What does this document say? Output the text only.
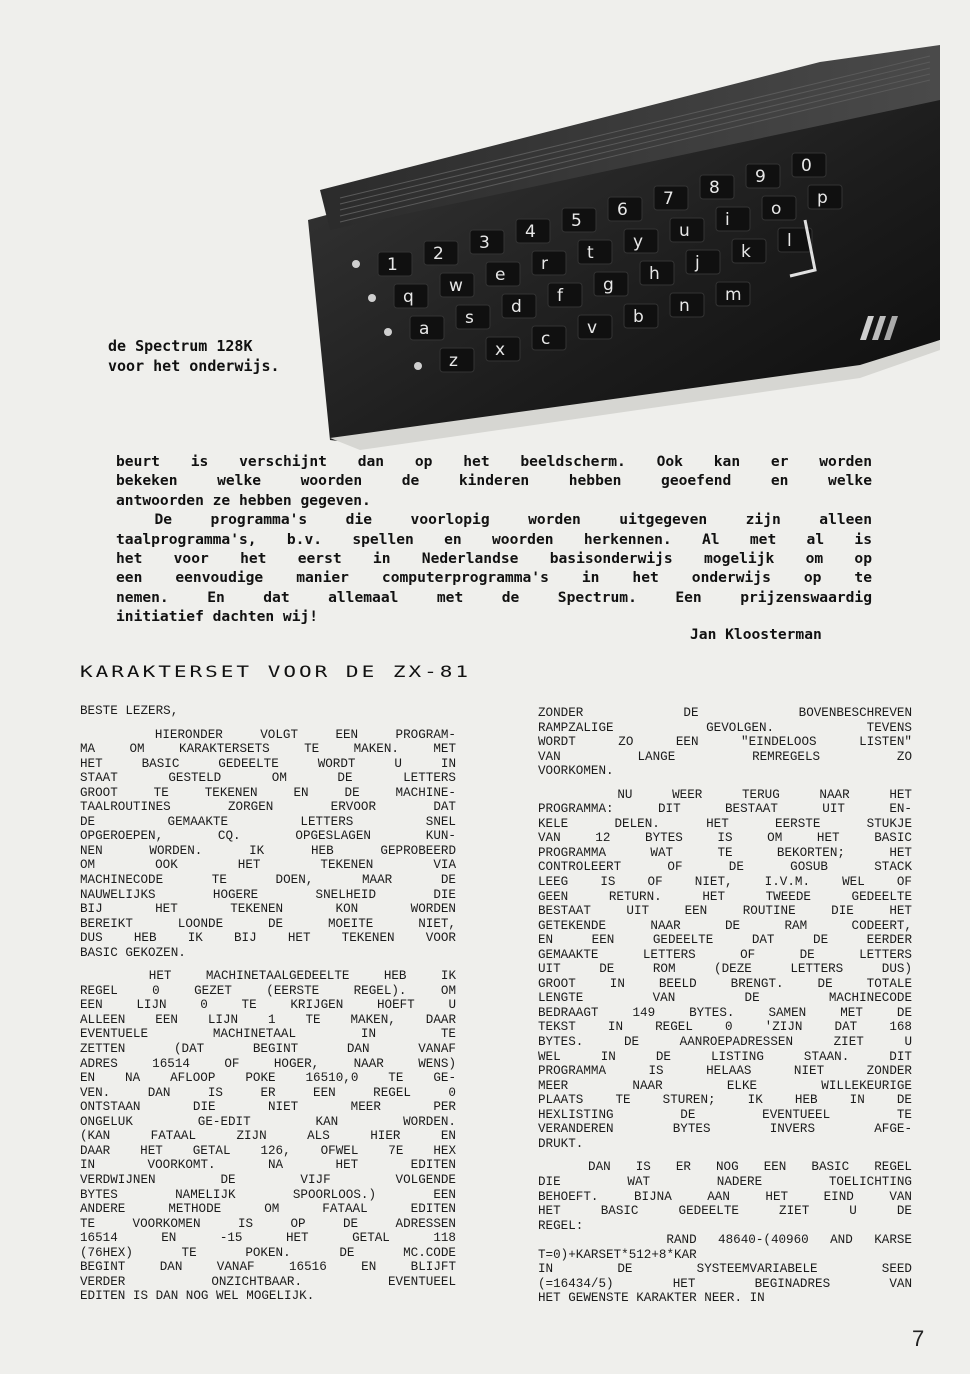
1
2
3
4
5
6
7
8
9
0
q
w
e
r
t
y
u
i
o
p
a
s
d
f
g
h
j
k
l
z
x
c
v
b
n
m
de Spectrum 128K
voor het onderwijs.
beurt is verschijnt dan op het beeldscherm. Ook kan er worden
bekeken welke woorden de kinderen hebben geoefend en welke
antwoorden ze hebben gegeven.
De programma's die voorlopig worden uitgegeven zijn alleen
taalprogramma's, b.v. spellen en woorden herkennen. Al met al is
het voor het eerst in Nederlandse basisonderwijs mogelijk om op
een eenvoudige manier computerprogramma's in het onderwijs op te
nemen. En dat allemaal met de Spectrum. Een prijzenswaardig
initiatief dachten wij!
Jan Kloosterman
KARAKTERSET VOOR DE ZX-81
BESTE LEZERS,
HIERONDER VOLGT EEN PROGRAM-
MA OM KARAKTERSETS TE MAKEN. MET
HET BASIC GEDEELTE WORDT U IN
STAAT GESTELD OM DE LETTERS
GROOT TE TEKENEN EN DE MACHINE-
TAALROUTINES ZORGEN ERVOOR DAT
DE GEMAAKTE LETTERS SNEL
OPGEROEPEN, CQ. OPGESLAGEN KUN-
NEN WORDEN. IK HEB GEPROBEERD
OM OOK HET TEKENEN VIA
MACHINECODE TE DOEN, MAAR DE
NAUWELIJKS HOGERE SNELHEID DIE
BIJ HET TEKENEN KON WORDEN
BEREIKT LOONDE DE MOEITE NIET,
DUS HEB IK BIJ HET TEKENEN VOOR
BASIC GEKOZEN.
HET MACHINETAALGEDEELTE HEB IK
REGEL 0 GEZET (EERSTE REGEL). OM
EEN LIJN 0 TE KRIJGEN HOEFT U
ALLEEN EEN LIJN 1 TE MAKEN, DAAR
EVENTUELE MACHINETAAL IN TE
ZETTEN (DAT BEGINT DAN VANAF
ADRES 16514 OF HOGER, NAAR WENS)
EN NA AFLOOP POKE 16510,0 TE GE-
VEN. DAN IS ER EEN REGEL 0
ONTSTAAN DIE NIET MEER PER
ONGELUK GE-EDIT KAN WORDEN.
(KAN FATAAL ZIJN ALS HIER EN
DAAR HET GETAL 126, OFWEL 7E HEX
IN VOORKOMT. NA HET EDITEN
VERDWIJNEN DE VIJF VOLGENDE
BYTES NAMELIJK SPOORLOOS.) EEN
ANDERE METHODE OM FATAAL EDITEN
TE VOORKOMEN IS OP DE ADRESSEN
16514 EN -15 HET GETAL 118
(76HEX) TE POKEN. DE MC.CODE
BEGINT DAN VANAF 16516 EN BLIJFT
VERDER ONZICHTBAAR. EVENTUEEL
EDITEN IS DAN NOG WEL MOGELIJK.
ZONDER DE BOVENBESCHREVEN
RAMPZALIGE GEVOLGEN. TEVENS
WORDT ZO EEN "EINDELOOS LISTEN"
VAN LANGE REMREGELS ZO
VOORKOMEN.
NU WEER TERUG NAAR HET
PROGRAMMA: DIT BESTAAT UIT EN-
KELE DELEN. HET EERSTE STUKJE
VAN 12 BYTES IS OM HET BASIC
PROGRAMMA WAT TE BEKORTEN; HET
CONTROLEERT OF DE GOSUB STACK
LEEG IS OF NIET, I.V.M. WEL OF
GEEN RETURN. HET TWEEDE GEDEELTE
BESTAAT UIT EEN ROUTINE DIE HET
GETEKENDE NAAR DE RAM CODEERT,
EN EEN GEDEELTE DAT DE EERDER
GEMAAKTE LETTERS OF DE LETTERS
UIT DE ROM (DEZE LETTERS DUS)
GROOT IN BEELD BRENGT. DE TOTALE
LENGTE VAN DE MACHINECODE
BEDRAAGT 149 BYTES. SAMEN MET DE
TEKST IN REGEL 0 'ZIJN DAT 168
BYTES. DE AANROEPADRESSEN ZIET U
WEL IN DE LISTING STAAN. DIT
PROGRAMMA IS HELAAS NIET ZONDER
MEER NAAR ELKE WILLEKEURIGE
PLAATS TE STUREN; IK HEB IN DE
HEXLISTING DE EVENTUEEL TE
VERANDEREN BYTES INVERS AFGE-
DRUKT.
DAN IS ER NOG EEN BASIC REGEL
DIE WAT NADERE TOELICHTING
BEHOEFT. BIJNA AAN HET EIND VAN
HET BASIC GEDEELTE ZIET U DE
REGEL:
RAND 48640-(40960 AND KARSE
T=0)+KARSET*512+8*KAR
IN DE SYSTEEMVARIABELE SEED
(=16434/5) HET BEGINADRES VAN
HET GEWENSTE KARAKTER NEER. IN
7
